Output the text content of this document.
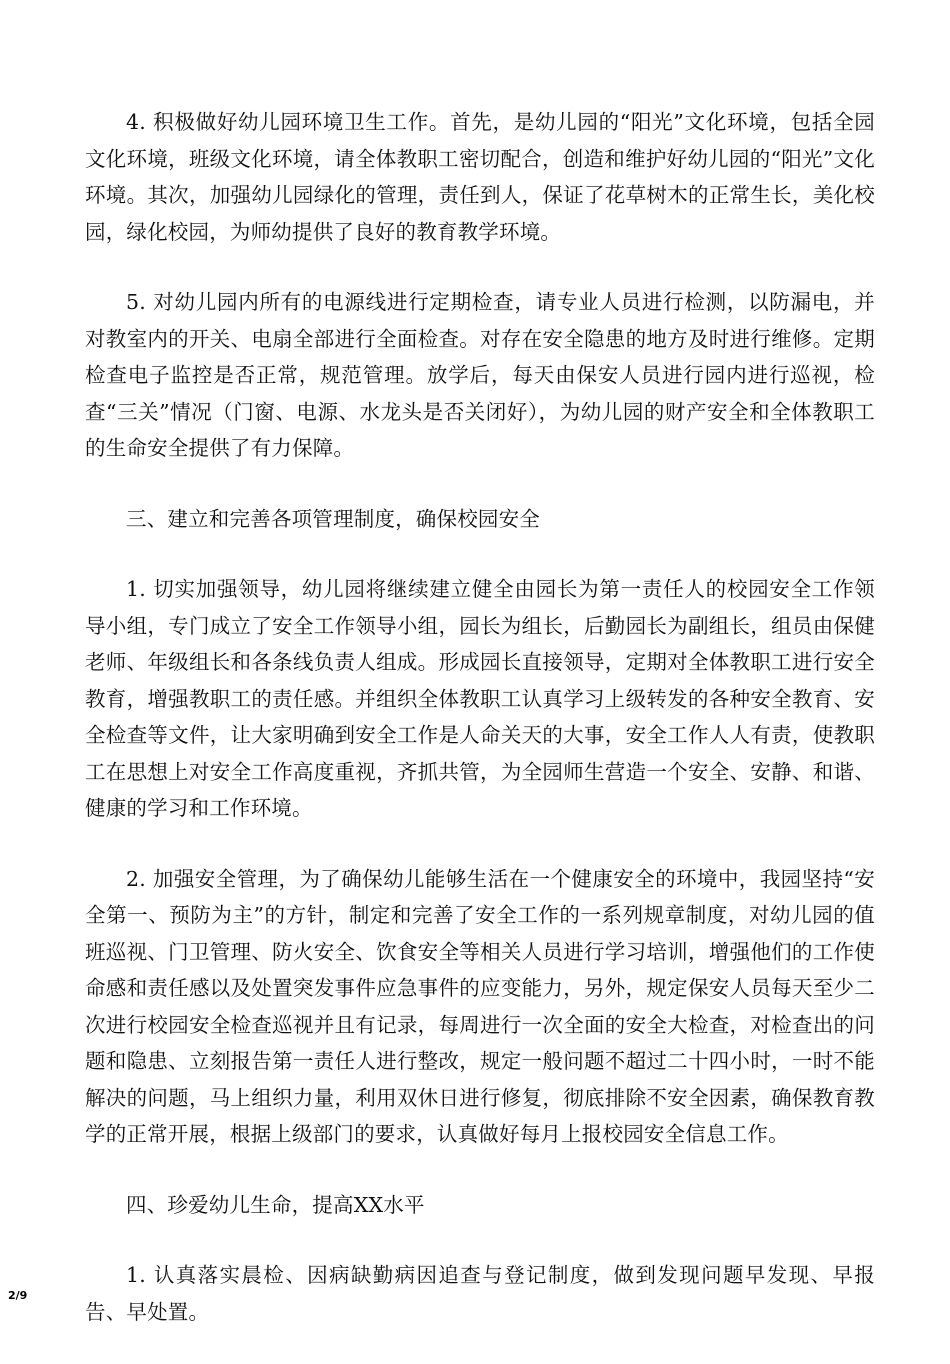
4. 积极做好幼儿园环境卫生工作。首先，是幼儿园的“阳光”文化环境，包括全园文化环境，班级文化环境，请全体教职工密切配合，创造和维护好幼儿园的“阳光”文化环境。其次，加强幼儿园绿化的管理，责任到人，保证了花草树木的正常生长，美化校园，绿化校园，为师幼提供了良好的教育教学环境。

5. 对幼儿园内所有的电源线进行定期检查，请专业人员进行检测，以防漏电，并对教室内的开关、电扇全部进行全面检查。对存在安全隐患的地方及时进行维修。定期检查电子监控是否正常，规范管理。放学后，每天由保安人员进行园内进行巡视，检查“三关”情况（门窗、电源、水龙头是否关闭好），为幼儿园的财产安全和全体教职工的生命安全提供了有力保障。

三、建立和完善各项管理制度，确保校园安全

1. 切实加强领导，幼儿园将继续建立健全由园长为第一责任人的校园安全工作领导小组，专门成立了安全工作领导小组，园长为组长，后勤园长为副组长，组员由保健老师、年级组长和各条线负责人组成。形成园长直接领导，定期对全体教职工进行安全教育，增强教职工的责任感。并组织全体教职工认真学习上级转发的各种安全教育、安全检查等文件，让大家明确到安全工作是人命关天的大事，安全工作人人有责，使教职工在思想上对安全工作高度重视，齐抓共管，为全园师生营造一个安全、安静、和谐、健康的学习和工作环境。

2. 加强安全管理，为了确保幼儿能够生活在一个健康安全的环境中，我园坚持“安全第一、预防为主”的方针，制定和完善了安全工作的一系列规章制度，对幼儿园的值班巡视、门卫管理、防火安全、饮食安全等相关人员进行学习培训，增强他们的工作使命感和责任感以及处置突发事件应急事件的应变能力，另外，规定保安人员每天至少二次进行校园安全检查巡视并且有记录，每周进行一次全面的安全大检查，对检查出的问题和隐患、立刻报告第一责任人进行整改，规定一般问题不超过二十四小时，一时不能解决的问题，马上组织力量，利用双休日进行修复，彻底排除不安全因素，确保教育教学的正常开展，根据上级部门的要求，认真做好每月上报校园安全信息工作。

四、珍爱幼儿生命，提高XX水平

1. 认真落实晨检、因病缺勤病因追查与登记制度，做到发现问题早发现、早报告、早处置。

2/9
